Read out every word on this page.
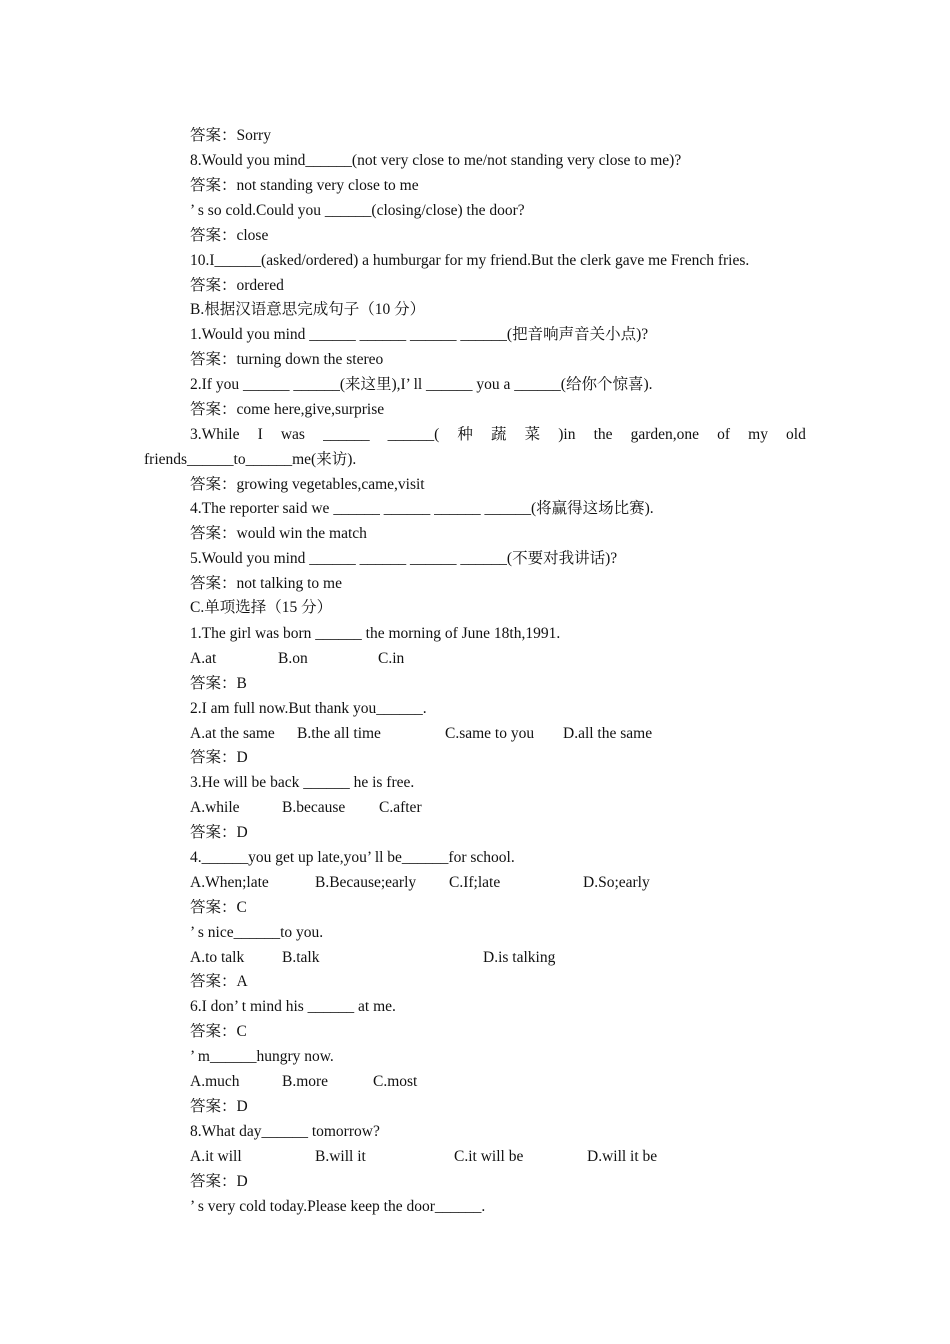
答案：Sorry
8.Would you mind______(not very close to me/not standing very close to me)?
答案：not standing very close to me
’ s so cold.Could you ______(closing/close) the door?
答案：close
10.I______(asked/ordered) a humburgar for my friend.But the clerk gave me French fries.
答案：ordered
B.根据汉语意思完成句子（10 分）
1.Would you mind ______ ______ ______ ______(把音响声音关小点)?
答案：turning down the stereo
2.If you ______ ______(来这里),I’ ll ______ you a ______(给你个惊喜).
答案：come here,give,surprise
3.While I was ______ ______( 种 蔬 菜 )in the garden,one of my old
friends______to______me(来访).
答案：growing vegetables,came,visit
4.The reporter said we ______ ______ ______ ______(将赢得这场比赛).
答案：would win the match
5.Would you mind ______ ______ ______ ______(不要对我讲话)?
答案：not talking to me
C.单项选择（15 分）
1.The girl was born ______ the morning of June 18th,1991.

A.at

	B.on

	C.in

答案：B
2.I am full now.But thank you______.

A.at the same

B.the all time

	C.same to you

D.all the same

答案：D
3.He will be back ______ he is free.

A.while

	B.because

C.after

答案：D
4.______you get up late,you’ ll be______for school.

A.When;late

	B.Because;early

C.If;late

	D.So;early

答案：C
’ s nice______to you.

A.to talk

B.talk

	D.is talking

答案：A
6.I don’ t mind his ______ at me.
答案：C
’ m______hungry now.

A.much

	B.more

	C.most

答案：D
8.What day______ tomorrow?

A.it will

	B.will it

	C.it will be

	D.will it be

答案：D
’ s very cold today.Please keep the door______.
